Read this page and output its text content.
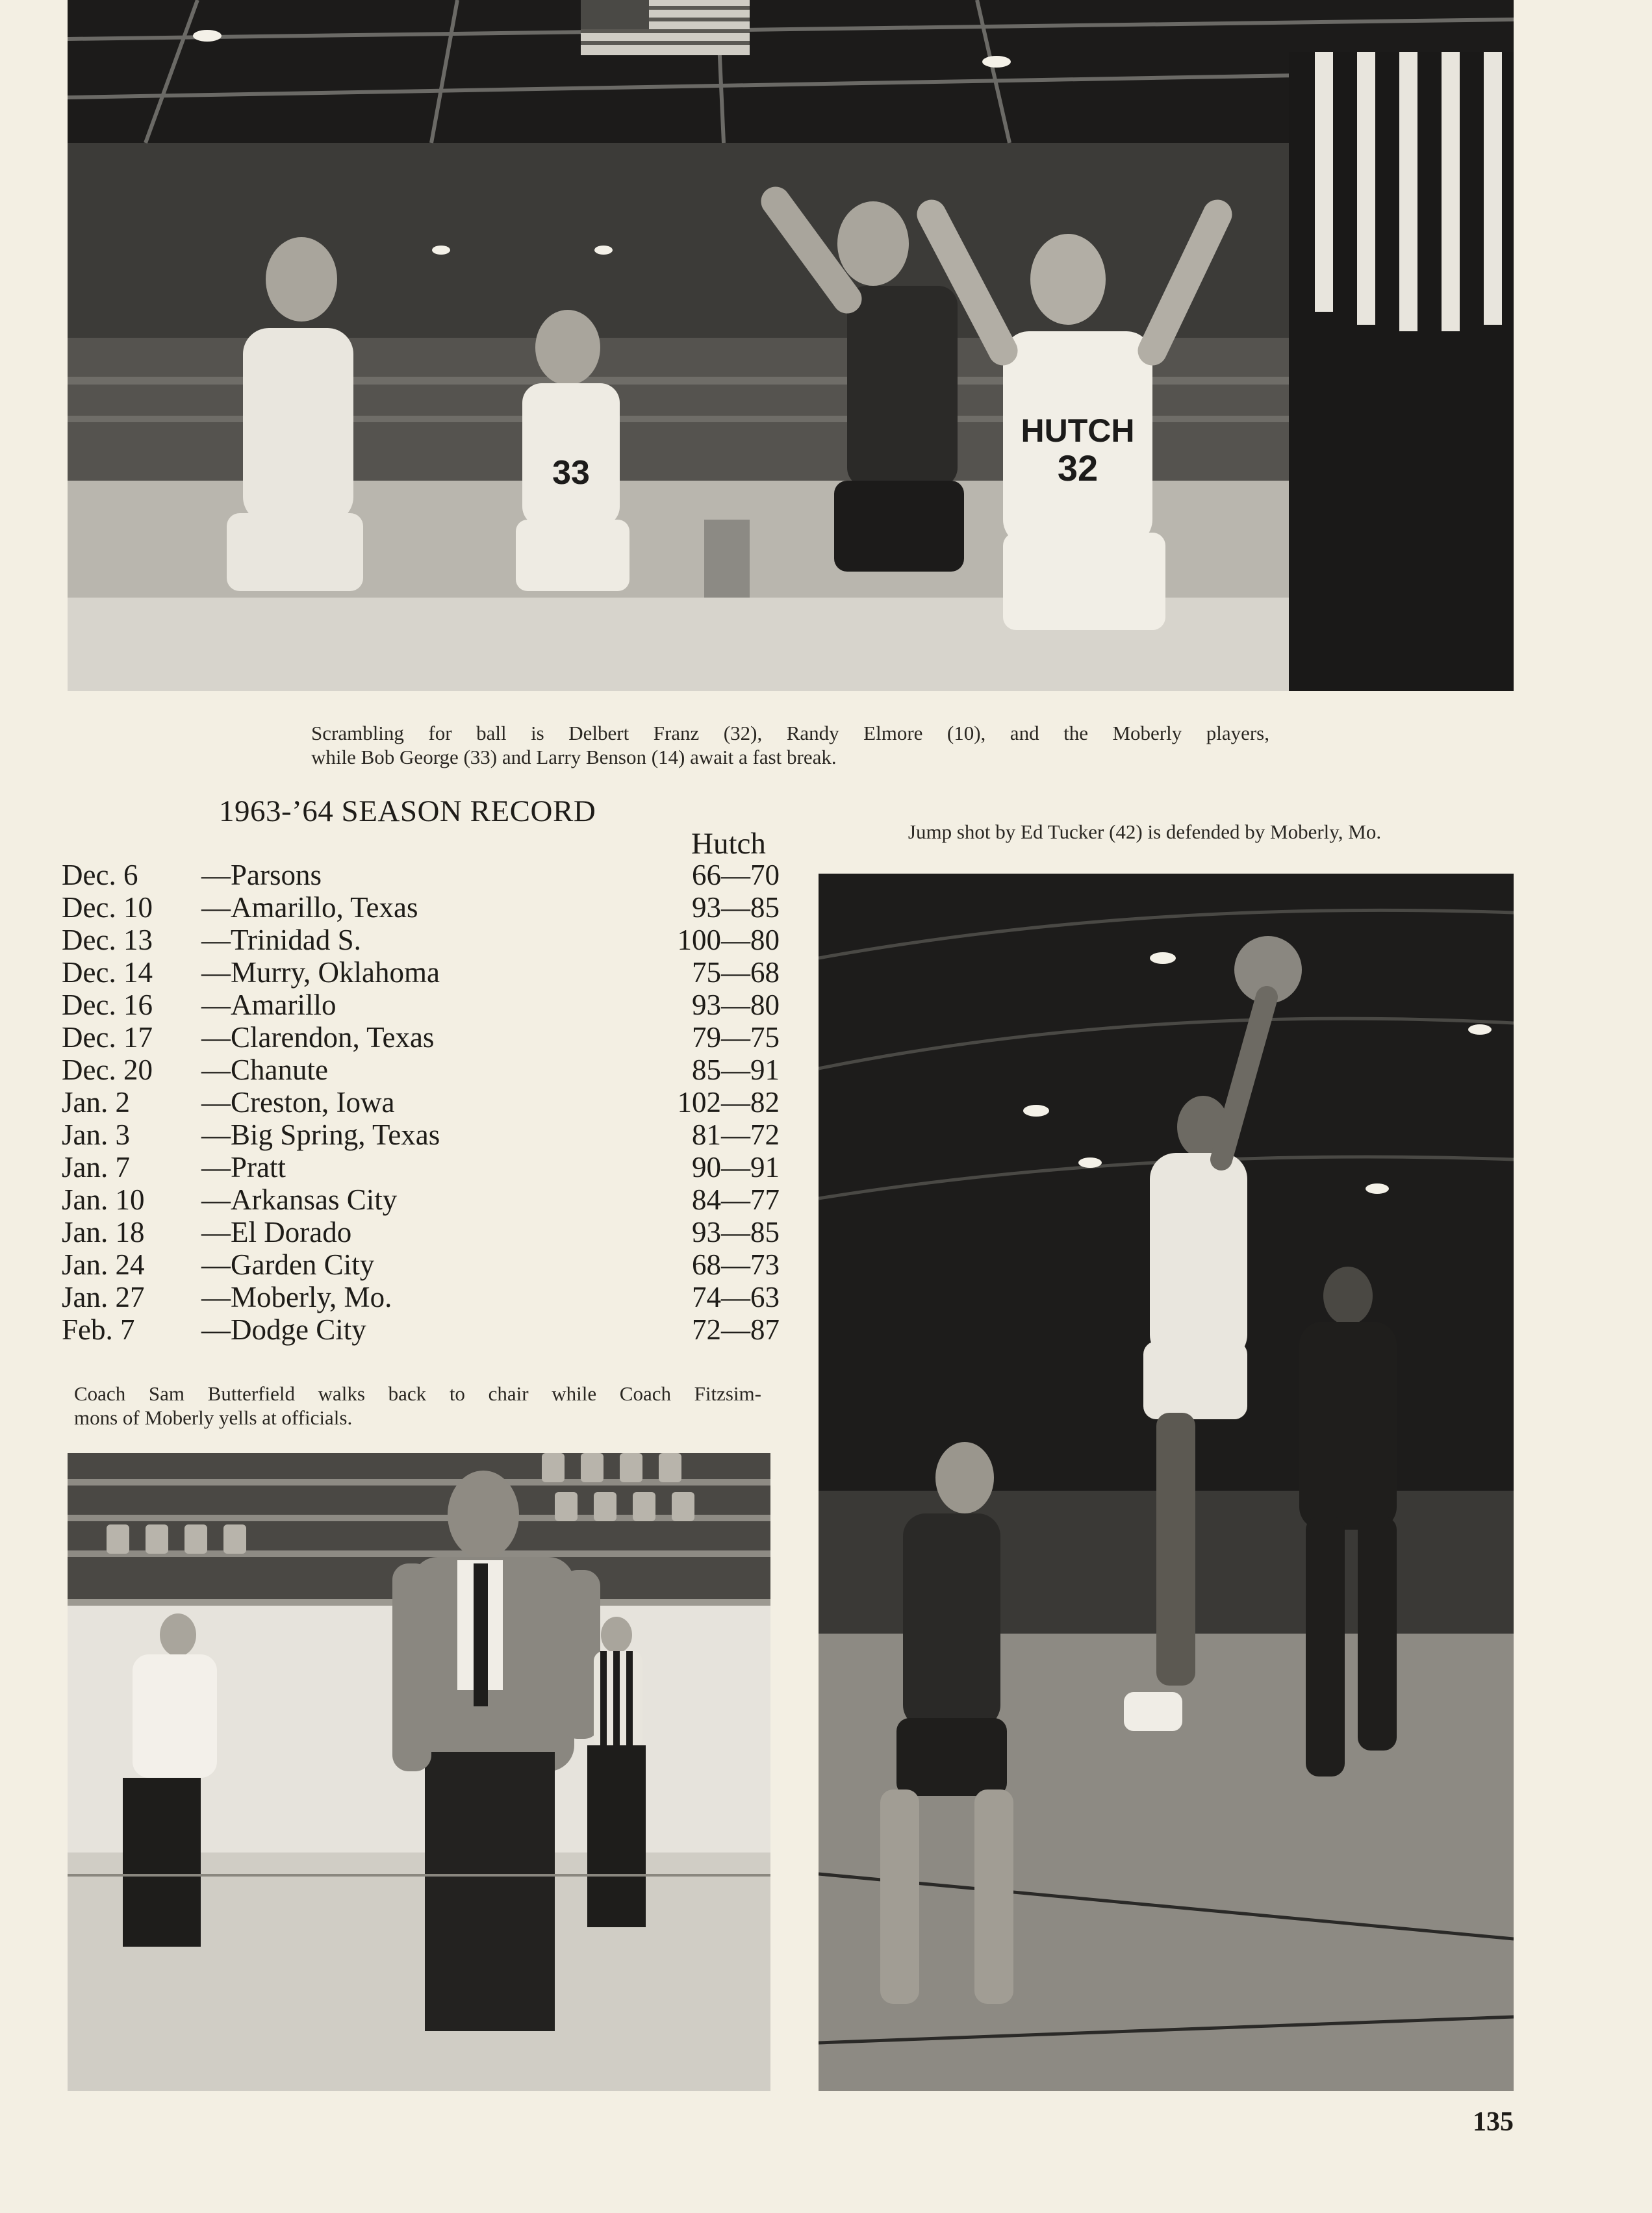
33
HUTCH
32
Scrambling for ball is Delbert Franz (32), Randy Elmore (10), and the Moberly players,
while Bob George (33) and Larry Benson (14) await a fast break.
1963-’64 SEASON RECORD
Hutch
Dec. 6 —Parsons	66—70
Dec. 10 —Amarillo, Texas	93—85
Dec. 13 —Trinidad S.	100—80
Dec. 14 —Murry, Oklahoma	75—68
Dec. 16 —Amarillo	93—80
Dec. 17 —Clarendon, Texas	79—75
Dec. 20 —Chanute	85—91
Jan. 2 —Creston, Iowa	102—82
Jan. 3 —Big Spring, Texas	81—72
Jan. 7 —Pratt	90—91
Jan. 10 —Arkansas City	84—77
Jan. 18 —El Dorado	93—85
Jan. 24 —Garden City	68—73
Jan. 27 —Moberly, Mo.	74—63
Feb. 7 —Dodge City	72—87
Jump shot by Ed Tucker (42) is defended by Moberly, Mo.
Coach Sam Butterfield walks back to chair while Coach Fitzsim-
mons of Moberly yells at officials.
135
